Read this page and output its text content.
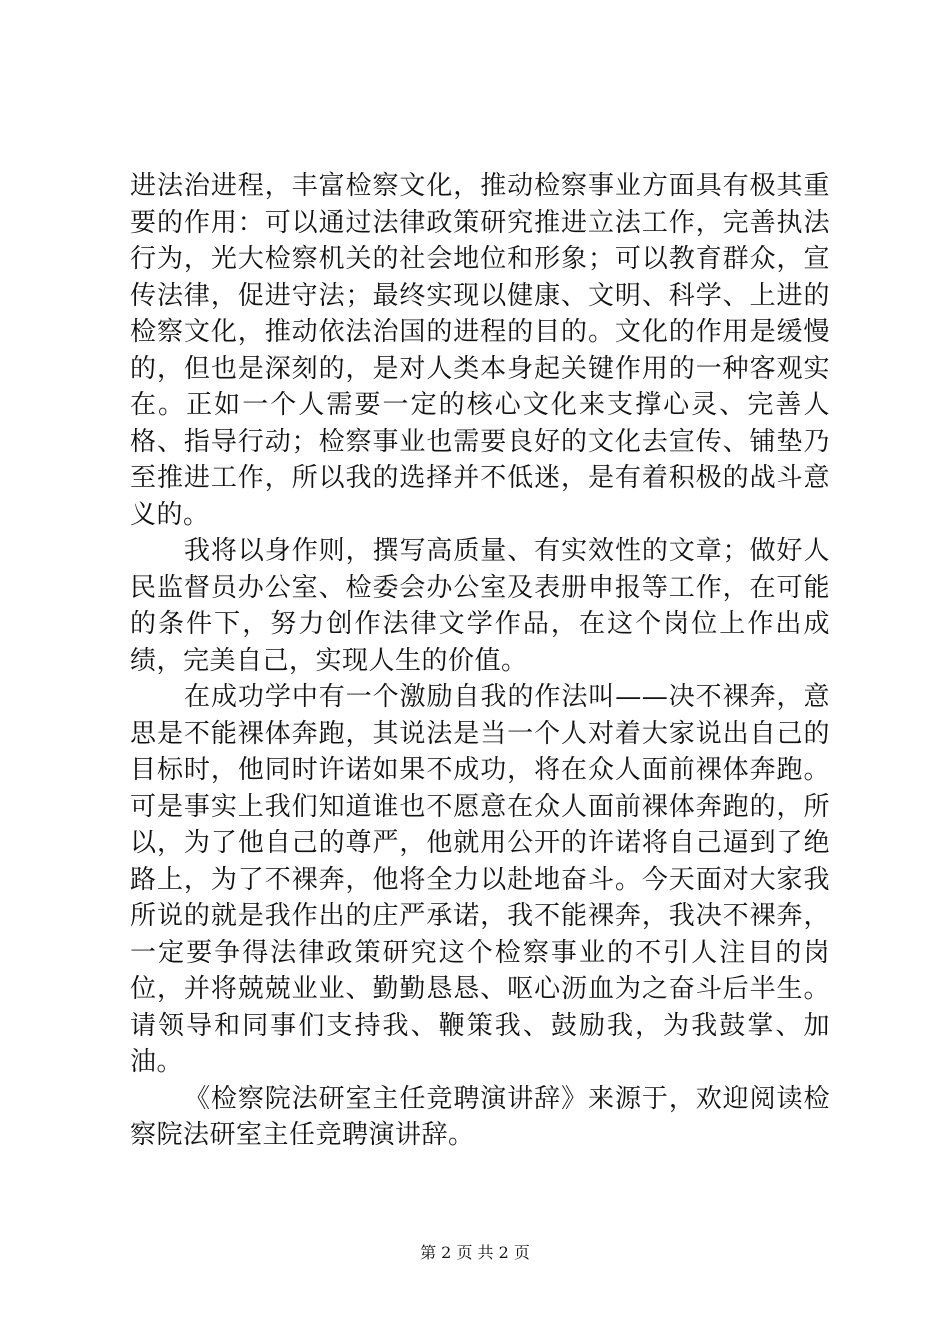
进法治进程，丰富检察文化，推动检察事业方面具有极其重要的作用：可以通过法律政策研究推进立法工作，完善执法行为，光大检察机关的社会地位和形象；可以教育群众，宣传法律，促进守法；最终实现以健康、文明、科学、上进的检察文化，推动依法治国的进程的目的。文化的作用是缓慢的，但也是深刻的，是对人类本身起关键作用的一种客观实在。正如一个人需要一定的核心文化来支撑心灵、完善人格、指导行动；检察事业也需要良好的文化去宣传、铺垫乃至推进工作，所以我的选择并不低迷，是有着积极的战斗意义的。

我将以身作则，撰写高质量、有实效性的文章；做好人民监督员办公室、检委会办公室及表册申报等工作，在可能的条件下，努力创作法律文学作品，在这个岗位上作出成绩，完美自己，实现人生的价值。

在成功学中有一个激励自我的作法叫——决不裸奔，意思是不能裸体奔跑，其说法是当一个人对着大家说出自己的目标时，他同时许诺如果不成功，将在众人面前裸体奔跑。可是事实上我们知道谁也不愿意在众人面前裸体奔跑的，所以，为了他自己的尊严，他就用公开的许诺将自己逼到了绝路上，为了不裸奔，他将全力以赴地奋斗。今天面对大家我所说的就是我作出的庄严承诺，我不能裸奔，我决不裸奔，一定要争得法律政策研究这个检察事业的不引人注目的岗位，并将兢兢业业、勤勤恳恳、呕心沥血为之奋斗后半生。请领导和同事们支持我、鞭策我、鼓励我，为我鼓掌、加油。

《检察院法研室主任竞聘演讲辞》来源于，欢迎阅读检察院法研室主任竞聘演讲辞。

第 2 页 共 2 页
